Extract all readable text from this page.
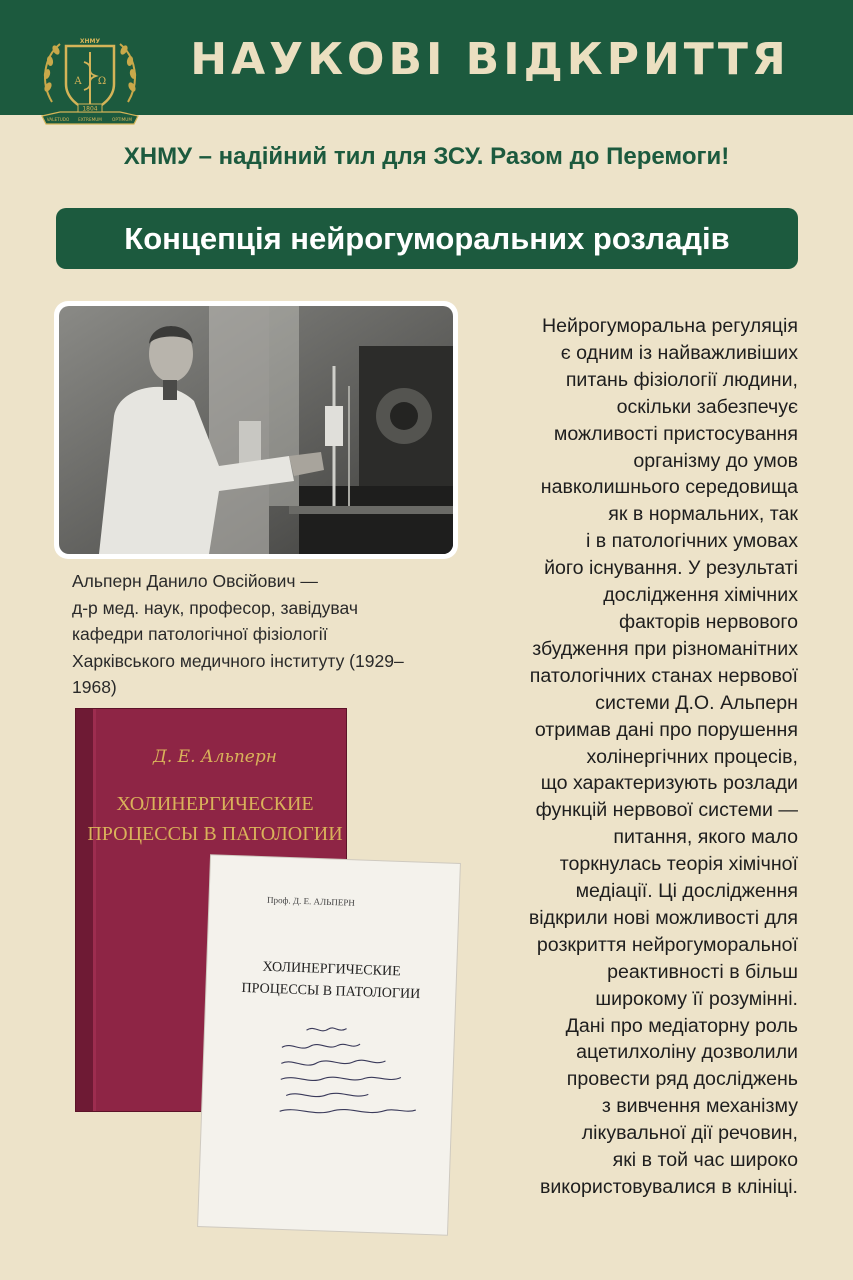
А Ω
ХНМУ
VALETUDO EXTREMUM OPTIMUM
1804
НАУКОВІ ВІДКРИТТЯ
ХНМУ – надійний тил для ЗСУ. Разом до Перемоги!
Концепція нейрогуморальних розладів
Альперн Данило Овсійович —
д-р мед. наук, професор, завідувач
кафедри патологічної фізіології
Харківського медичного інституту (1929–
1968)
Д. Е. Альперн
ХОЛИНЕРГИЧЕСКИЕ
ПРОЦЕССЫ В ПАТОЛОГИИ
Проф. Д. Е. АЛЬПЕРН
ХОЛИНЕРГИЧЕСКИЕ
ПРОЦЕССЫ В ПАТОЛОГИИ
Нейрогуморальна регуляція
є одним із найважливіших
питань фізіології людини,
оскільки забезпечує
можливості пристосування
організму до умов
навколишнього середовища
як в нормальних, так
і в патологічних умовах
його існування. У результаті
дослідження хімічних
факторів нервового
збудження при різноманітних
патологічних станах нервової
системи Д.О. Альперн
отримав дані про порушення
холінергічних процесів,
що характеризують розлади
функцій нервової системи —
питання, якого мало
торкнулась теорія хімічної
медіації. Ці дослідження
відкрили нові можливості для
розкриття нейрогуморальної
реактивності в більш
широкому її розумінні.
Дані про медіаторну роль
ацетилхоліну дозволили
провести ряд досліджень
з вивчення механізму
лікувальної дії речовин,
які в той час широко
використовувалися в клініці.
